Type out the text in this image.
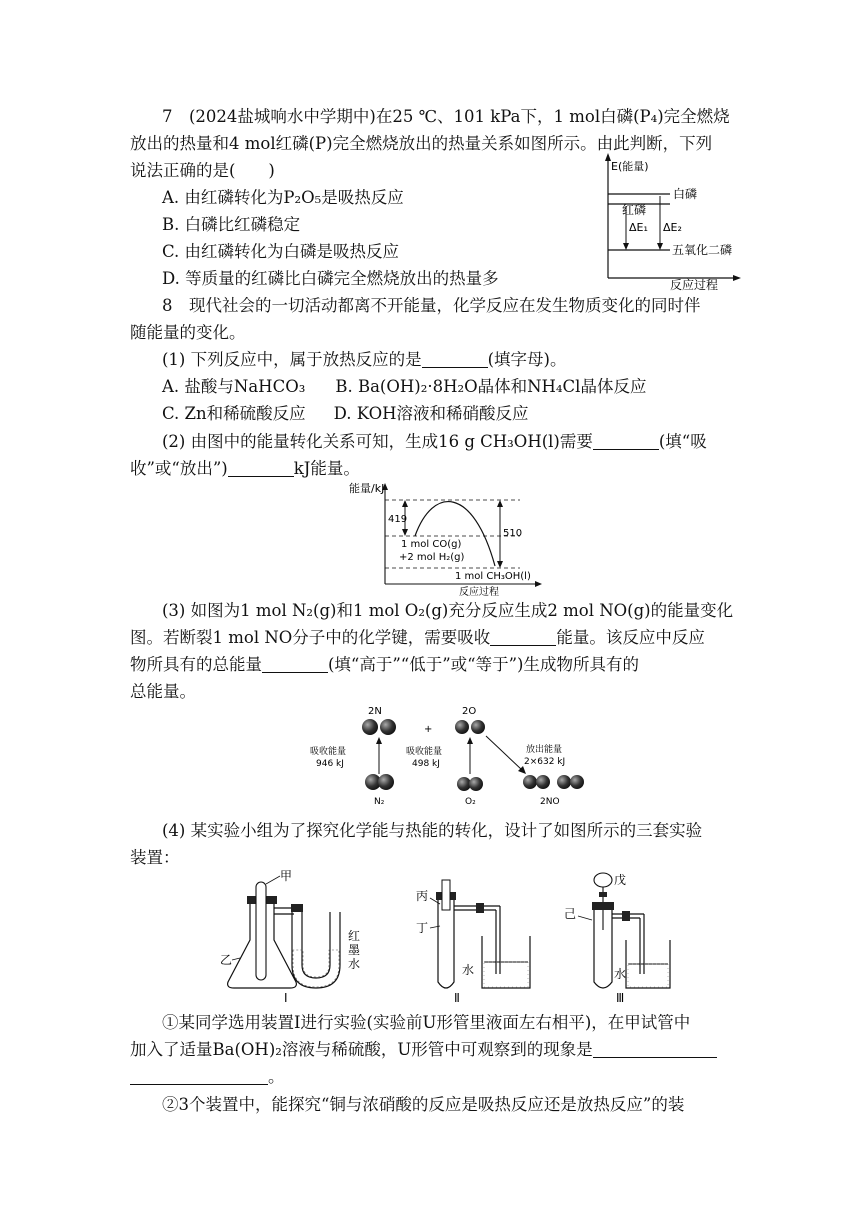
7　(2024盐城响水中学期中)在25 ℃、101 kPa下，1 mol白磷(P₄)完全燃烧
放出的热量和4 mol红磷(P)完全燃烧放出的热量关系如图所示。由此判断，下列
说法正确的是(　　)
A. 由红磷转化为P₂O₅是吸热反应
B. 白磷比红磷稳定
C. 由红磷转化为白磷是吸热反应
D. 等质量的红磷比白磷完全燃烧放出的热量多
E(能量)
白磷
红磷
五氧化二磷
ΔE₁ ΔE₂
反应过程
8　现代社会的一切活动都离不开能量，化学反应在发生物质变化的同时伴
随能量的变化。
(1) 下列反应中，属于放热反应的是	(填字母)。
A. 盐酸与NaHCO₃ B. Ba(OH)₂·8H₂O晶体和NH₄Cl晶体反应
C. Zn和稀硫酸反应 D. KOH溶液和稀硝酸反应
(2) 由图中的能量转化关系可知，生成16 g CH₃OH(l)需要	(填“吸
收”或“放出”)	kJ能量。
能量/kJ
419
510
1 mol CO(g)
+2 mol H₂(g)
1 mol CH₃OH(l)
反应过程
(3) 如图为1 mol N₂(g)和1 mol O₂(g)充分反应生成2 mol NO(g)的能量变化
图。若断裂1 mol NO分子中的化学键，需要吸收	能量。该反应中反应
物所具有的总能量	(填“高于”“低于”或“等于”)生成物所具有的
总能量。
2N
吸收能量
946 kJ
N₂
+
2O
吸收能量
498 kJ
O₂
放出能量
2×632 kJ
2NO
(4) 某实验小组为了探究化学能与热能的转化，设计了如图所示的三套实验
装置：
甲
乙
红
墨
水
Ⅰ
丙
丁
水
Ⅱ
戊
己
水
Ⅲ
①某同学选用装置Ⅰ进行实验(实验前U形管里液面左右相平)，在甲试管中
加入了适量Ba(OH)₂溶液与稀硫酸，U形管中可观察到的现象是
。
②3个装置中，能探究“铜与浓硝酸的反应是吸热反应还是放热反应”的装
